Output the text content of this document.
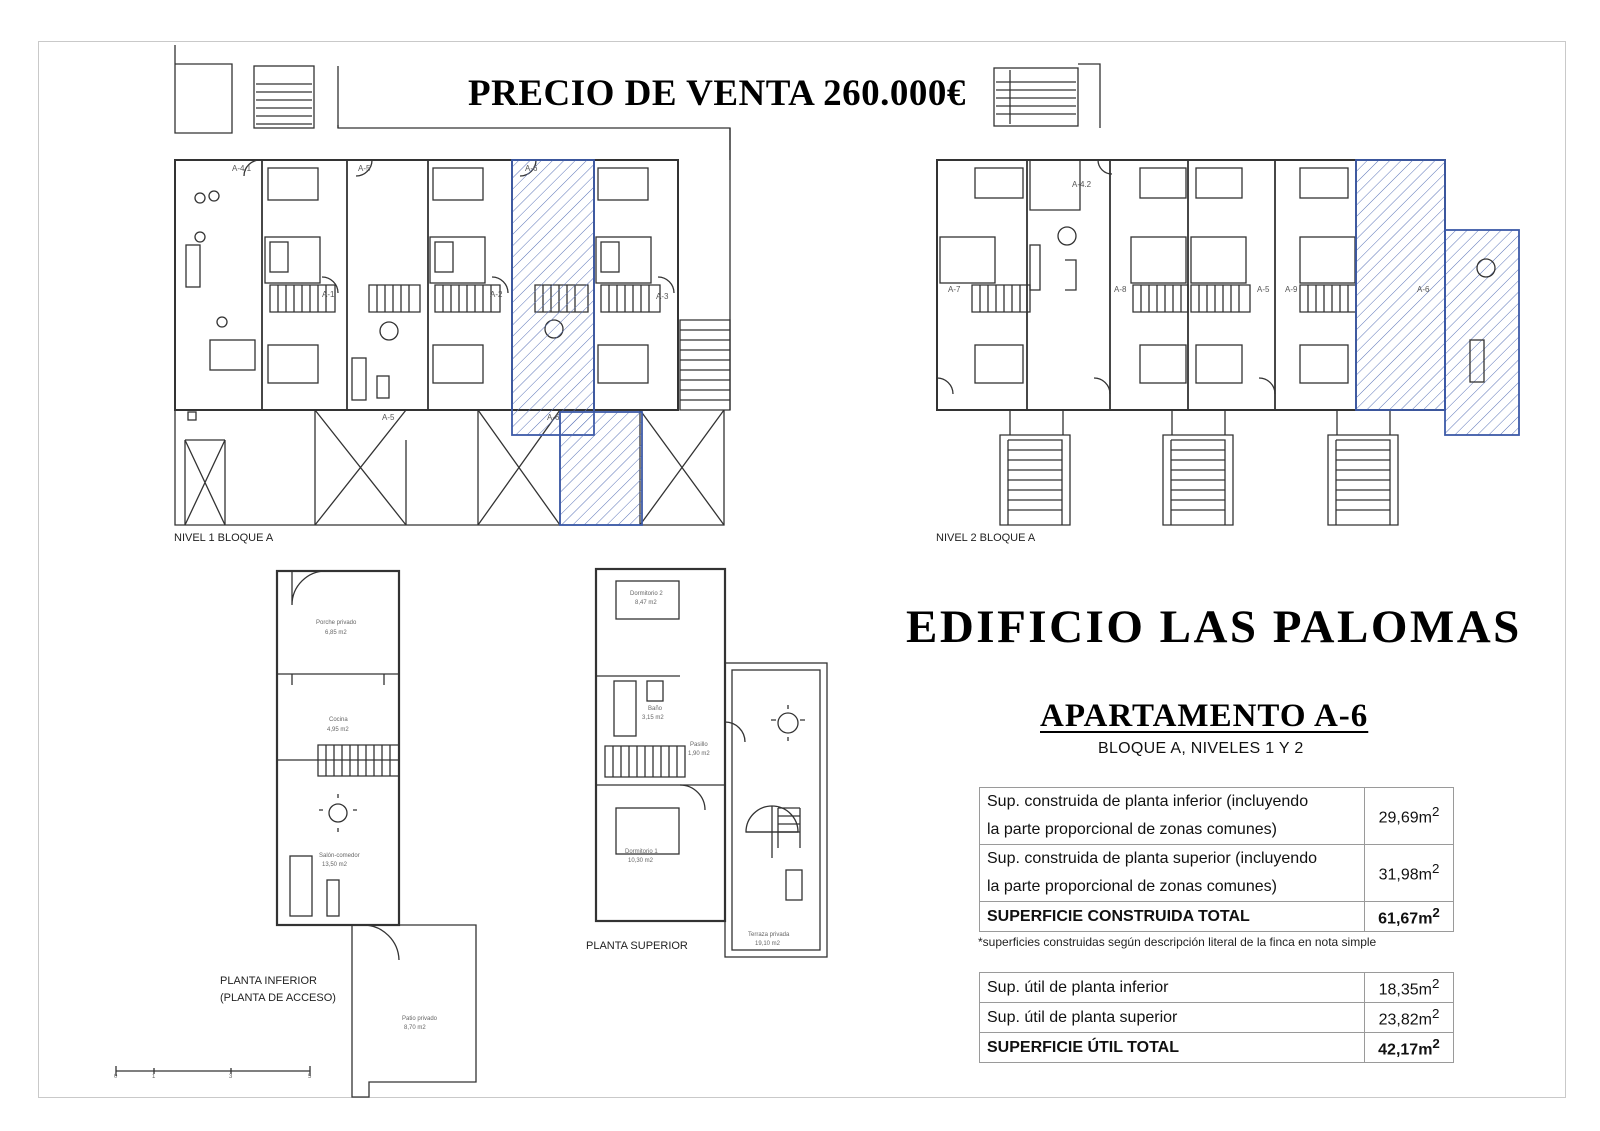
PRECIO DE VENTA 260.000€
EDIFICIO LAS PALOMAS
APARTAMENTO A-6
BLOQUE A, NIVELES 1 Y 2
NIVEL 1 BLOQUE A	NIVEL 2 BLOQUE A
PLANTA INFERIOR
(PLANTA DE ACCESO)
PLANTA SUPERIOR
A-4.1	A-5	A-6
A-1	A-2	A-3
A-5	A-6
A-4.2
A-7	A-8	A-5 A-9	A-6
Porche privado
6,85 m2
Cocina
4,95 m2
Salón-comedor
13,50 m2
Patio privado
8,70 m2
Dormitorio 2
8,47 m2
Baño
3,15 m2
Pasillo
1,90 m2
Dormitorio 1
10,30 m2
Terraza privada
19,10 m2
0	1	3	5
Sup. construida de planta inferior (incluyendo
la parte proporcional de zonas comunes)	$29,69m^2$
Sup. construida de planta superior (incluyendo
la parte proporcional de zonas comunes)	$31,98m^2$
SUPERFICIE CONSTRUIDA TOTAL	$61,67m^2$
*superficies construidas según descripción literal de la finca en nota simple
Sup. útil de planta inferior	$18,35m^2$
Sup. útil de planta superior	$23,82m^2$
SUPERFICIE ÚTIL TOTAL	$42,17m^2$
